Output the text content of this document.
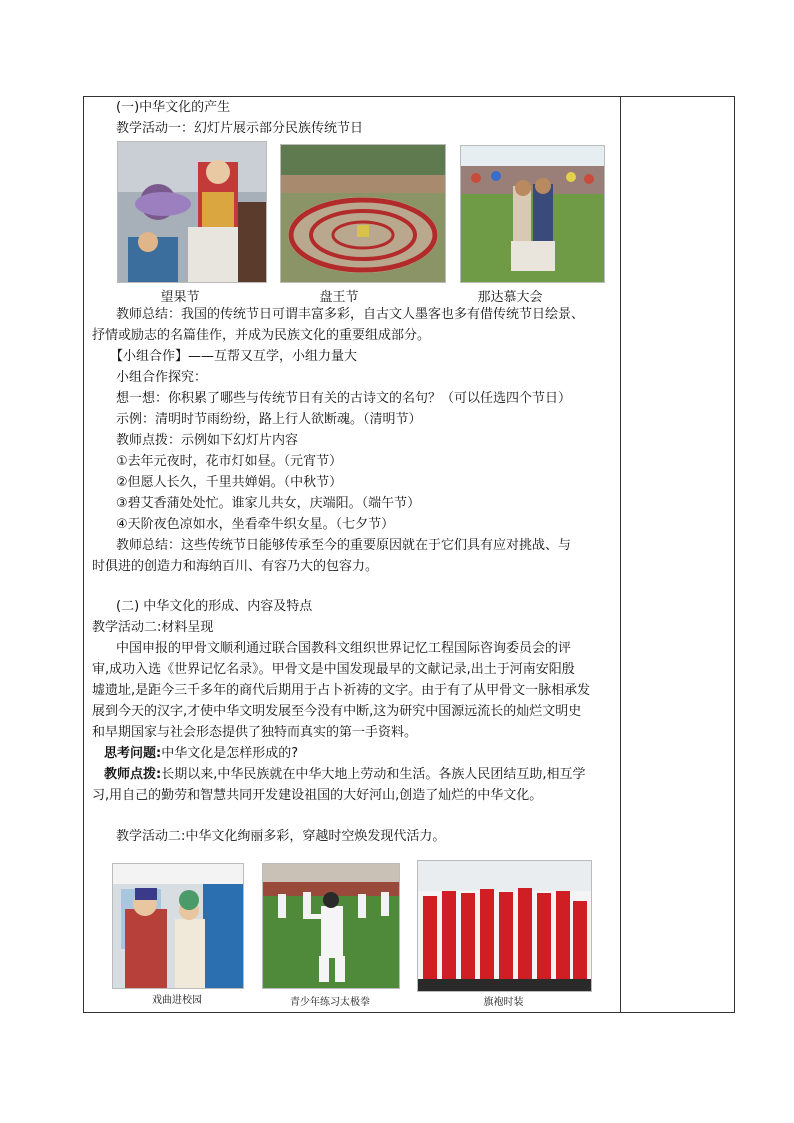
(一)中华文化的产生
教学活动一：幻灯片展示部分民族传统节日
望果节	盘王节	那达慕大会
教师总结：我国的传统节日可谓丰富多彩，自古文人墨客也多有借传统节日绘景、
抒情或励志的名篇佳作，并成为民族文化的重要组成部分。
【小组合作】——互帮又互学，小组力量大
小组合作探究：
想一想：你积累了哪些与传统节日有关的古诗文的名句？（可以任选四个节日）
示例：清明时节雨纷纷，路上行人欲断魂。（清明节）
教师点拨：示例如下幻灯片内容
①去年元夜时，花市灯如昼。（元宵节）
②但愿人长久，千里共婵娟。（中秋节）
③碧艾香蒲处处忙。谁家儿共女，庆端阳。（端午节）
④天阶夜色凉如水，坐看牵牛织女星。（七夕节）
教师总结：这些传统节日能够传承至今的重要原因就在于它们具有应对挑战、与
时俱进的创造力和海纳百川、有容乃大的包容力。
(二) 中华文化的形成、内容及特点
教学活动二:材料呈现
中国申报的甲骨文顺利通过联合国教科文组织世界记忆工程国际咨询委员会的评
审,成功入选《世界记忆名录》。甲骨文是中国发现最早的文献记录,出土于河南安阳殷
墟遗址,是距今三千多年的商代后期用于占卜祈祷的文字。由于有了从甲骨文一脉相承发
展到今天的汉字,才使中华文明发展至今没有中断,这为研究中国源远流长的灿烂文明史
和早期国家与社会形态提供了独特而真实的第一手资料。
思考问题:中华文化是怎样形成的?
教师点拨:长期以来,中华民族就在中华大地上劳动和生活。各族人民团结互助,相互学
习,用自己的勤劳和智慧共同开发建设祖国的大好河山,创造了灿烂的中华文化。
教学活动二:中华文化绚丽多彩，穿越时空焕发现代活力。
戏曲进校园	青少年练习太极拳	旗袍时装
